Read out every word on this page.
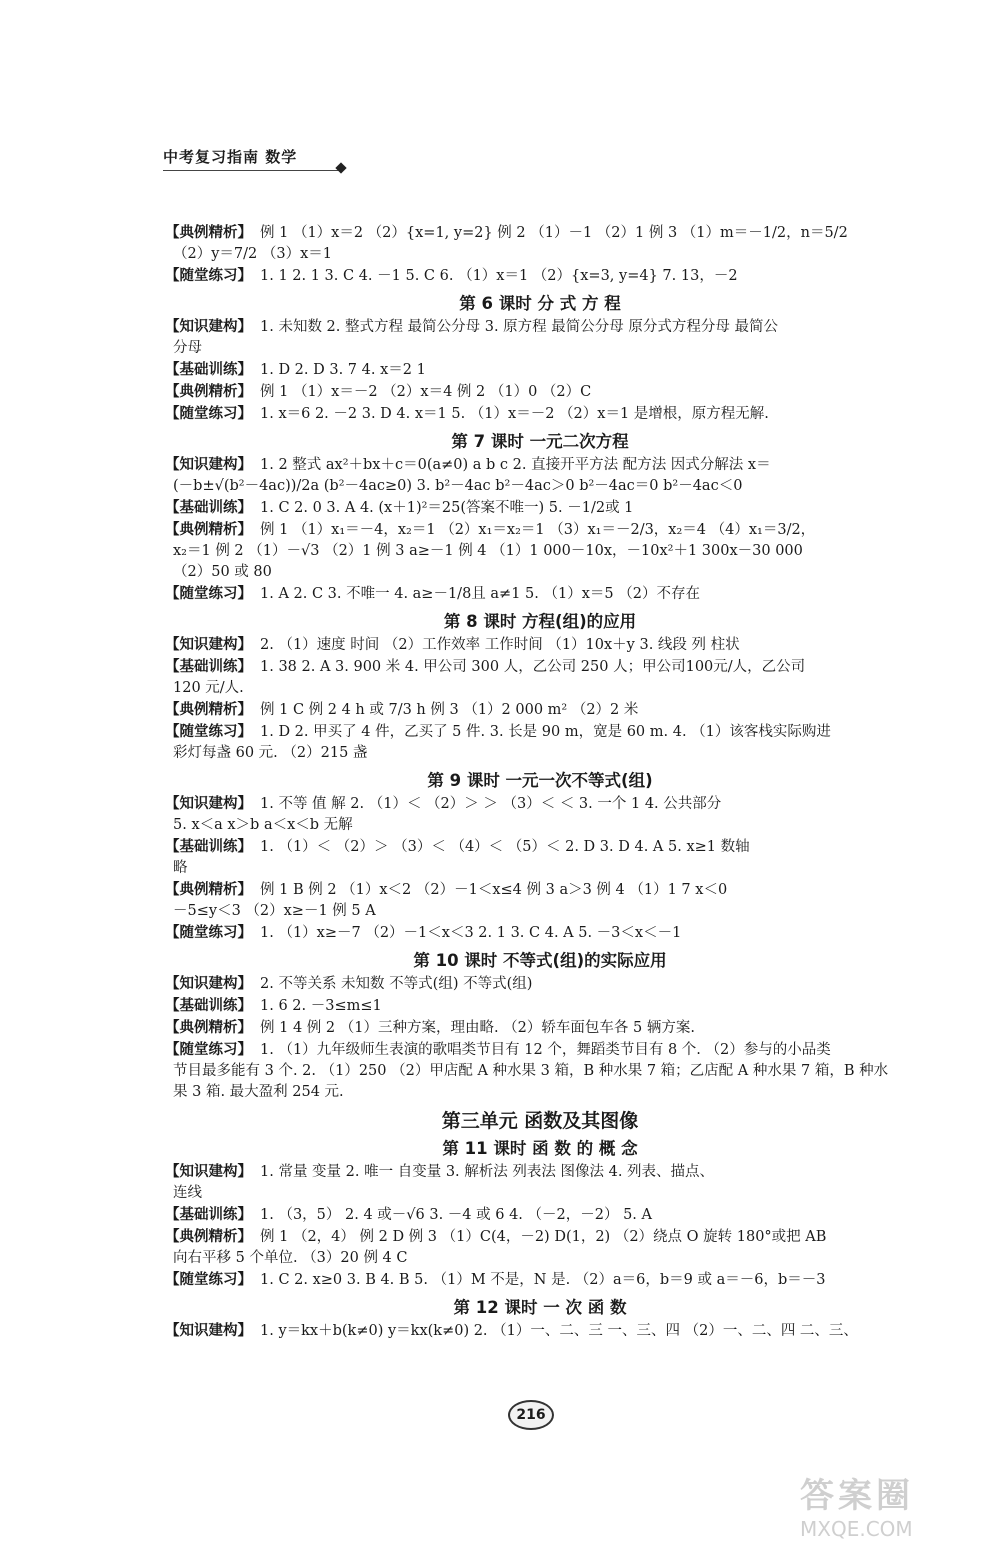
中考复习指南 数学
【典例精析】 例 1 （1）x＝2 （2）{x=1, y=2} 例 2 （1）－1 （2）1 例 3 （1）m＝－1/2，n＝5/2
（2）y＝7/2 （3）x＝1
【随堂练习】 1. 1 2. 1 3. C 4. －1 5. C 6. （1）x＝1 （2）{x=3, y=4} 7. 13，－2
第 6 课时 分 式 方 程
【知识建构】 1. 未知数 2. 整式方程 最简公分母 3. 原方程 最简公分母 原分式方程分母 最简公
分母
【基础训练】 1. D 2. D 3. 7 4. x＝2 1
【典例精析】 例 1 （1）x＝－2 （2）x＝4 例 2 （1）0 （2）C
【随堂练习】 1. x＝6 2. －2 3. D 4. x＝1 5. （1）x＝－2 （2）x＝1 是增根，原方程无解.
第 7 课时 一元二次方程
【知识建构】 1. 2 整式 ax²＋bx＋c＝0(a≠0) a b c 2. 直接开平方法 配方法 因式分解法 x＝
(－b±√(b²－4ac))/2a (b²－4ac≥0) 3. b²－4ac b²－4ac＞0 b²－4ac＝0 b²－4ac＜0
【基础训练】 1. C 2. 0 3. A 4. (x＋1)²＝25(答案不唯一) 5. －1/2或 1
【典例精析】 例 1 （1）x₁＝－4，x₂＝1 （2）x₁＝x₂＝1 （3）x₁＝－2/3，x₂＝4 （4）x₁＝3/2，
x₂＝1 例 2 （1）－√3 （2）1 例 3 a≥－1 例 4 （1）1 000－10x，－10x²＋1 300x－30 000
（2）50 或 80
【随堂练习】 1. A 2. C 3. 不唯一 4. a≥－1/8且 a≠1 5. （1）x＝5 （2）不存在
第 8 课时 方程(组)的应用
【知识建构】 2. （1）速度 时间 （2）工作效率 工作时间 （1）10x＋y 3. 线段 列 柱状
【基础训练】 1. 38 2. A 3. 900 米 4. 甲公司 300 人，乙公司 250 人；甲公司100元/人，乙公司
120 元/人.
【典例精析】 例 1 C 例 2 4 h 或 7/3 h 例 3 （1）2 000 m² （2）2 米
【随堂练习】 1. D 2. 甲买了 4 件，乙买了 5 件. 3. 长是 90 m，宽是 60 m. 4. （1）该客栈实际购进
彩灯每盏 60 元. （2）215 盏
第 9 课时 一元一次不等式(组)
【知识建构】 1. 不等 值 解 2. （1）＜ （2）＞ ＞ （3）＜ ＜ 3. 一个 1 4. 公共部分
5. x＜a x＞b a＜x＜b 无解
【基础训练】 1. （1）＜ （2）＞ （3）＜ （4）＜ （5）＜ 2. D 3. D 4. A 5. x≥1 数轴
略
【典例精析】 例 1 B 例 2 （1）x＜2 （2）－1＜x≤4 例 3 a＞3 例 4 （1）1 7 x＜0
－5≤y＜3 （2）x≥－1 例 5 A
【随堂练习】 1. （1）x≥－7 （2）－1＜x＜3 2. 1 3. C 4. A 5. －3＜x＜－1
第 10 课时 不等式(组)的实际应用
【知识建构】 2. 不等关系 未知数 不等式(组) 不等式(组)
【基础训练】 1. 6 2. －3≤m≤1
【典例精析】 例 1 4 例 2 （1）三种方案，理由略. （2）轿车面包车各 5 辆方案.
【随堂练习】 1. （1）九年级师生表演的歌唱类节目有 12 个，舞蹈类节目有 8 个. （2）参与的小品类
节目最多能有 3 个. 2. （1）250 （2）甲店配 A 种水果 3 箱，B 种水果 7 箱；乙店配 A 种水果 7 箱，B 种水
果 3 箱. 最大盈利 254 元.
第三单元 函数及其图像
第 11 课时 函 数 的 概 念
【知识建构】 1. 常量 变量 2. 唯一 自变量 3. 解析法 列表法 图像法 4. 列表、描点、
连线
【基础训练】 1. （3，5） 2. 4 或－√6 3. －4 或 6 4. （－2，－2） 5. A
【典例精析】 例 1 （2，4） 例 2 D 例 3 （1）C(4，－2) D(1，2) （2）绕点 O 旋转 180°或把 AB
向右平移 5 个单位. （3）20 例 4 C
【随堂练习】 1. C 2. x≥0 3. B 4. B 5. （1）M 不是，N 是. （2）a＝6，b＝9 或 a＝－6，b＝－3
第 12 课时 一 次 函 数
【知识建构】 1. y＝kx＋b(k≠0) y＝kx(k≠0) 2. （1）一、二、三 一、三、四 （2）一、二、四 二、三、
216
答案圈
MXQE.COM
